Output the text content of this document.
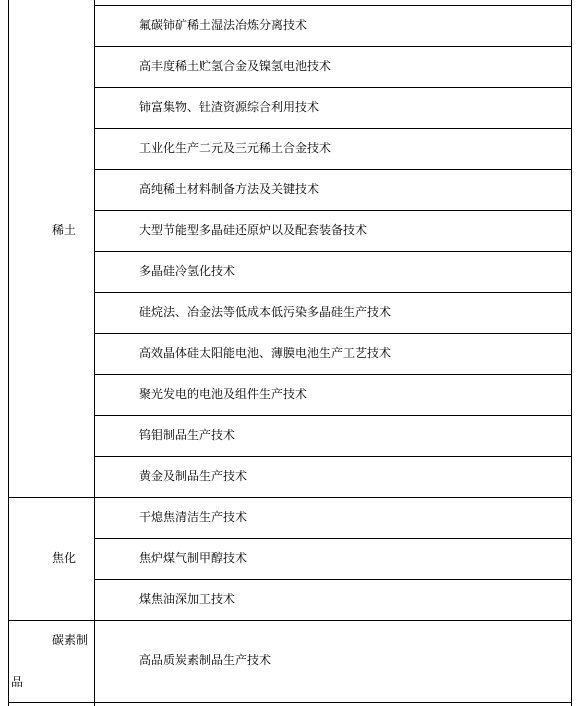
稀土
焦化
碳素制
品
氟碳铈矿稀土湿法冶炼分离技术
高丰度稀土贮氢合金及镍氢电池技术
铈富集物、钍渣资源综合利用技术
工业化生产二元及三元稀土合金技术
高纯稀土材料制备方法及关键技术
大型节能型多晶硅还原炉以及配套装备技术
多晶硅冷氢化技术
硅烷法、冶金法等低成本低污染多晶硅生产技术
高效晶体硅太阳能电池、薄膜电池生产工艺技术
聚光发电的电池及组件生产技术
钨钼制品生产技术
黄金及制品生产技术
干熄焦清洁生产技术
焦炉煤气制甲醇技术
煤焦油深加工技术
高品质炭素制品生产技术
